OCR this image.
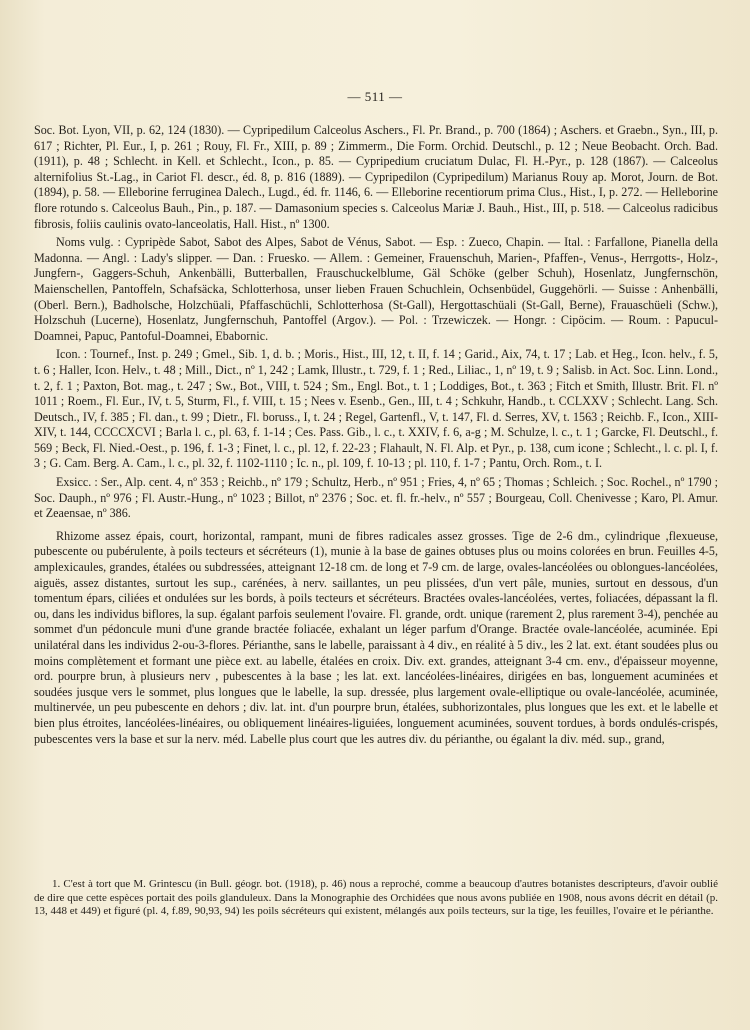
— 511 —

Soc. Bot. Lyon, VII, p. 62, 124 (1830). — Cypripedilum Calceolus Aschers., Fl. Pr. Brand., p. 700 (1864) ; Aschers. et Graebn., Syn., III, p. 617 ; Richter, Pl. Eur., I, p. 261 ; Rouy, Fl. Fr., XIII, p. 89 ; Zimmerm., Die Form. Orchid. Deutschl., p. 12 ; Neue Beobacht. Orch. Bad. (1911), p. 48 ; Schlecht. in Kell. et Schlecht., Icon., p. 85. — Cypripedium cruciatum Dulac, Fl. H.-Pyr., p. 128 (1867). — Calceolus alternifolius St.-Lag., in Cariot Fl. descr., éd. 8, p. 816 (1889). — Cypripedilon (Cypripedilum) Marianus Rouy ap. Morot, Journ. de Bot. (1894), p. 58. — Elleborine ferruginea Dalech., Lugd., éd. fr. 1146, 6. — Elleborine recentiorum prima Clus., Hist., I, p. 272. — Helleborine flore rotundo s. Calceolus Bauh., Pin., p. 187. — Damasonium species s. Calceolus Mariæ J. Bauh., Hist., III, p. 518. — Calceolus radicibus fibrosis, foliis caulinis ovato-lanceolatis, Hall. Hist., nº 1300.

Noms vulg. : Cypripède Sabot, Sabot des Alpes, Sabot de Vénus, Sabot. — Esp. : Zueco, Chapin. — Ital. : Farfallone, Pianella della Madonna. — Angl. : Lady's slipper. — Dan. : Fruesko. — Allem. : Gemeiner, Frauenschuh, Marien-, Pfaffen-, Venus-, Herrgotts-, Holz-, Jungfern-, Gaggers-Schuh, Ankenbälli, Butterballen, Frauschuckelblume, Gäl Schöke (gelber Schuh), Hosenlatz, Jungfernschön, Maienschellen, Pantoffeln, Schafsäcka, Schlotterhosa, unser lieben Frauen Schuchlein, Ochsenbüdel, Guggehörli. — Suisse : Anhenbälli, (Oberl. Bern.), Badholsche, Holzchüali, Pfaffaschüchli, Schlotterhosa (St-Gall), Hergottaschüali (St-Gall, Berne), Frauaschüeli (Schw.), Holzschuh (Lucerne), Hosenlatz, Jungfernschuh, Pantoffel (Argov.). — Pol. : Trzewiczek. — Hongr. : Cipöcim. — Roum. : Papucul-Doamnei, Papuc, Pantoful-Doamnei, Ebabornic.

Icon. : Tournef., Inst. p. 249 ; Gmel., Sib. 1, d. b. ; Moris., Hist., III, 12, t. II, f. 14 ; Garid., Aix, 74, t. 17 ; Lab. et Heg., Icon. helv., f. 5, t. 6 ; Haller, Icon. Helv., t. 48 ; Mill., Dict., nº 1, 242 ; Lamk, Illustr., t. 729, f. 1 ; Red., Liliac., 1, nº 19, t. 9 ; Salisb. in Act. Soc. Linn. Lond., t. 2, f. 1 ; Paxton, Bot. mag., t. 247 ; Sw., Bot., VIII, t. 524 ; Sm., Engl. Bot., t. 1 ; Loddiges, Bot., t. 363 ; Fitch et Smith, Illustr. Brit. Fl. nº 1011 ; Roem., Fl. Eur., IV, t. 5, Sturm, Fl., f. VIII, t. 15 ; Nees v. Esenb., Gen., III, t. 4 ; Schkuhr, Handb., t. CCLXXV ; Schlecht. Lang. Sch. Deutsch., IV, f. 385 ; Fl. dan., t. 99 ; Dietr., Fl. boruss., I, t. 24 ; Regel, Gartenfl., V, t. 147, Fl. d. Serres, XV, t. 1563 ; Reichb. F., Icon., XIII-XIV, t. 144, CCCCXCVI ; Barla l. c., pl. 63, f. 1-14 ; Ces. Pass. Gib., l. c., t. XXIV, f. 6, a-g ; M. Schulze, l. c., t. 1 ; Garcke, Fl. Deutschl., f. 569 ; Beck, Fl. Nied.-Oest., p. 196, f. 1-3 ; Finet, l. c., pl. 12, f. 22-23 ; Flahault, N. Fl. Alp. et Pyr., p. 138, cum icone ; Schlecht., l. c. pl. I, f. 3 ; G. Cam. Berg. A. Cam., l. c., pl. 32, f. 1102-1110 ; Ic. n., pl. 109, f. 10-13 ; pl. 110, f. 1-7 ; Pantu, Orch. Rom., t. I.

Exsicc. : Ser., Alp. cent. 4, nº 353 ; Reichb., nº 179 ; Schultz, Herb., nº 951 ; Fries, 4, nº 65 ; Thomas ; Schleich. ; Soc. Rochel., nº 1790 ; Soc. Dauph., nº 976 ; Fl. Austr.-Hung., nº 1023 ; Billot, nº 2376 ; Soc. et. fl. fr.-helv., nº 557 ; Bourgeau, Coll. Chenivesse ; Karo, Pl. Amur. et Zeaensae, nº 386.

Rhizome assez épais, court, horizontal, rampant, muni de fibres radicales assez grosses. Tige de 2-6 dm., cylindrique ,flexueuse, pubescente ou pubérulente, à poils tecteurs et sécréteurs (1), munie à la base de gaines obtuses plus ou moins colorées en brun. Feuilles 4-5, amplexicaules, grandes, étalées ou subdressées, atteignant 12-18 cm. de long et 7-9 cm. de large, ovales-lancéolées ou oblongues-lancéolées, aiguës, assez distantes, surtout les sup., carénées, à nerv. saillantes, un peu plissées, d'un vert pâle, munies, surtout en dessous, d'un tomentum épars, ciliées et ondulées sur les bords, à poils tecteurs et sécréteurs. Bractées ovales-lancéolées, vertes, foliacées, dépassant la fl. ou, dans les individus biflores, la sup. égalant parfois seulement l'ovaire. Fl. grande, ordt. unique (rarement 2, plus rarement 3-4), penchée au sommet d'un pédoncule muni d'une grande bractée foliacée, exhalant un léger parfum d'Orange. Bractée ovale-lancéolée, acuminée. Epi unilatéral dans les individus 2-ou-3-flores. Périanthe, sans le labelle, paraissant à 4 div., en réalité à 5 div., les 2 lat. ext. étant soudées plus ou moins complètement et formant une pièce ext. au labelle, étalées en croix. Div. ext. grandes, atteignant 3-4 cm. env., d'épaisseur moyenne, ord. pourpre brun, à plusieurs nerv , pubescentes à la base ; les lat. ext. lancéolées-linéaires, dirigées en bas, longuement acuminées et soudées jusque vers le sommet, plus longues que le labelle, la sup. dressée, plus largement ovale-elliptique ou ovale-lancéolée, acuminée, multinervée, un peu pubescente en dehors ; div. lat. int. d'un pourpre brun, étalées, subhorizontales, plus longues que les ext. et le labelle et bien plus étroites, lancéolées-linéaires, ou obliquement linéaires-liguiées, longuement acuminées, souvent tordues, à bords ondulés-crispés, pubescentes vers la base et sur la nerv. méd. Labelle plus court que les autres div. du périanthe, ou égalant la div. méd. sup., grand,

1. C'est à tort que M. Grintescu (in Bull. géogr. bot. (1918), p. 46) nous a reproché, comme a beaucoup d'autres botanistes descripteurs, d'avoir oublié de dire que cette espèces portait des poils glanduleux. Dans la Monographie des Orchidées que nous avons publiée en 1908, nous avons décrit en détail (p. 13, 448 et 449) et figuré (pl. 4, f.89, 90,93, 94) les poils sécréteurs qui existent, mélangés aux poils tecteurs, sur la tige, les feuilles, l'ovaire et le périanthe.
